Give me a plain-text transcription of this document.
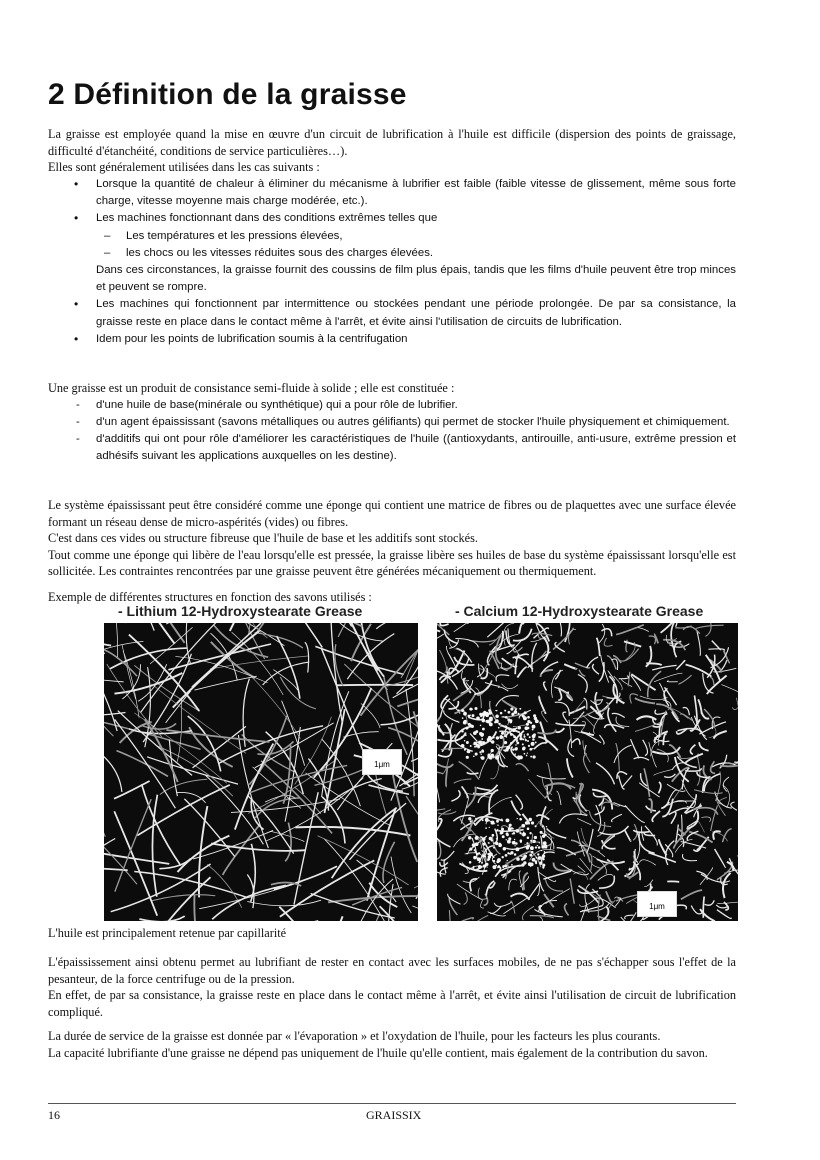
2 Définition de la graisse

La graisse est employée quand la mise en œuvre d'un circuit de lubrification à l'huile est difficile (dispersion des points de graissage, difficulté d'étanchéité, conditions de service particulières…).

Elles sont généralement utilisées dans les cas suivants :

• Lorsque la quantité de chaleur à éliminer du mécanisme à lubrifier est faible (faible vitesse de glissement, même sous forte charge, vitesse moyenne mais charge modérée, etc.).
• Les machines fonctionnant dans des conditions extrêmes telles que
– Les températures et les pressions élevées,
– les chocs ou les vitesses réduites sous des charges élevées.
Dans ces circonstances, la graisse fournit des coussins de film plus épais, tandis que les films d'huile peuvent être trop minces et peuvent se rompre.
• Les machines qui fonctionnent par intermittence ou stockées pendant une période prolongée. De par sa consistance, la graisse reste en place dans le contact même à l'arrêt, et évite ainsi l'utilisation de circuits de lubrification.
• Idem pour les points de lubrification soumis à la centrifugation

Une graisse est un produit de consistance semi-fluide à solide ; elle est constituée :

- d'une huile de base(minérale ou synthétique) qui a pour rôle de lubrifier.
- d'un agent épaississant (savons métalliques ou autres gélifiants) qui permet de stocker l'huile physiquement et chimiquement.
- d'additifs qui ont pour rôle d'améliorer les caractéristiques de l'huile ((antioxydants, antirouille, anti-usure, extrême pression et adhésifs suivant les applications auxquelles on les destine).

Le système épaississant peut être considéré comme une éponge qui contient une matrice de fibres ou de plaquettes avec une surface élevée formant un réseau dense de micro-aspérités (vides) ou fibres.

C'est dans ces vides ou structure fibreuse que l'huile de base et les additifs sont stockés.

Tout comme une éponge qui libère de l'eau lorsqu'elle est pressée, la graisse libère ses huiles de base du système épaississant lorsqu'elle est sollicitée. Les contraintes rencontrées par une graisse peuvent être générées mécaniquement ou thermiquement.

Exemple de différentes structures en fonction des savons utilisés :

- Lithium 12-Hydroxystearate Grease	- Calcium 12-Hydroxystearate Grease
1μm
1μm

L'huile est principalement retenue par capillarité

L'épaississement ainsi obtenu permet au lubrifiant de rester en contact avec les surfaces mobiles, de ne pas s'échapper sous l'effet de la pesanteur, de la force centrifuge ou de la pression.

En effet, de par sa consistance, la graisse reste en place dans le contact même à l'arrêt, et évite ainsi l'utilisation de circuit de lubrification compliqué.

La durée de service de la graisse est donnée par « l'évaporation » et l'oxydation de l'huile, pour les facteurs les plus courants.

La capacité lubrifiante d'une graisse ne dépend pas uniquement de l'huile qu'elle contient, mais également de la contribution du savon.

16	GRAISSIX
